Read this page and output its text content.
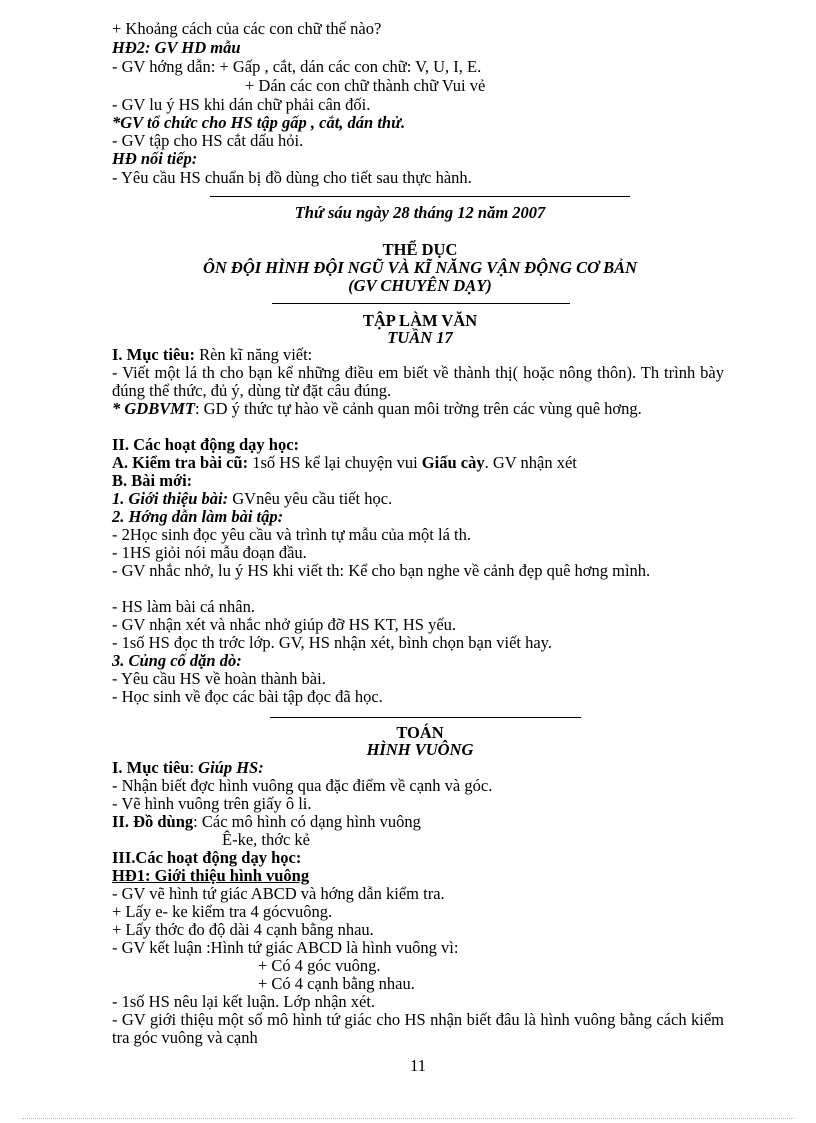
+ Khoảng cách của các con chữ thế nào?
HĐ2: GV HD mẫu
- GV hớng dẫn: + Gấp , cắt, dán các con chữ: V, U, I, E.
+ Dán các con chữ thành chữ Vui vẻ
- GV lu ý HS khi dán chữ phải cân đối.
*GV tổ chức cho HS tập gấp , cắt, dán thử.
- GV tập cho HS cắt dấu hỏi.
HĐ nối tiếp:
- Yêu cầu HS chuẩn bị đồ dùng cho tiết sau thực hành.
Thứ sáu ngày 28 tháng 12 năm 2007
THỂ DỤC
ÔN ĐỘI HÌNH ĐỘI NGŨ VÀ KĨ NĂNG VẬN ĐỘNG CƠ BẢN
(GV CHUYÊN DẠY)
TẬP LÀM VĂN
TUẦN 17
I. Mục tiêu: Rèn kĩ năng viết:
- Viết một lá th cho bạn kể những điều em biết về thành thị( hoặc nông thôn). Th trình bày đúng thể thức, đủ ý, dùng từ đặt câu đúng.
* GDBVMT: GD ý thức tự hào về cảnh quan môi trờng trên các vùng quê hơng.
II. Các hoạt động dạy học:
A. Kiểm tra bài cũ: 1số HS kể lại chuyện vui Giấu cày. GV nhận xét
B. Bài mới:
1. Giới thiệu bài: GVnêu yêu cầu tiết học.
2. Hớng dẫn làm bài tập:
- 2Học sinh đọc yêu cầu và trình tự mẫu của một lá th.
- 1HS giỏi nói mẫu đoạn đầu.
- GV nhắc nhở, lu ý HS khi viết th: Kể cho bạn nghe về cảnh đẹp quê hơng mình.
- HS làm bài cá nhân.
- GV nhận xét và nhắc nhở giúp đỡ HS KT, HS yếu.
- 1số HS đọc th trớc lớp. GV, HS nhận xét, bình chọn bạn viết hay.
3. Củng cố dặn dò:
- Yêu cầu HS về hoàn thành bài.
- Học sinh về đọc các bài tập đọc đã học.
TOÁN
HÌNH VUÔNG
I. Mục tiêu: Giúp HS:
- Nhận biết đợc hình vuông qua đặc điểm về cạnh và góc.
- Vẽ hình vuông trên giấy ô li.
II. Đồ dùng: Các mô hình có dạng hình vuông
Ê-ke, thớc kẻ
III.Các hoạt động dạy học:
HĐ1: Giới thiệu hình vuông
- GV vẽ hình tứ giác ABCD và hớng dẫn kiểm tra.
+ Lấy e- ke kiểm tra 4 gócvuông.
+ Lấy thớc đo độ dài 4 cạnh bằng nhau.
- GV kết luận :Hình tứ giác ABCD là hình vuông vì:
+ Có 4 góc vuông.
+ Có 4 cạnh bằng nhau.
- 1số HS nêu lại kết luận. Lớp nhận xét.
- GV giới thiệu một số mô hình tứ giác cho HS nhận biết đâu là hình vuông bằng cách kiểm tra góc vuông và cạnh
11
